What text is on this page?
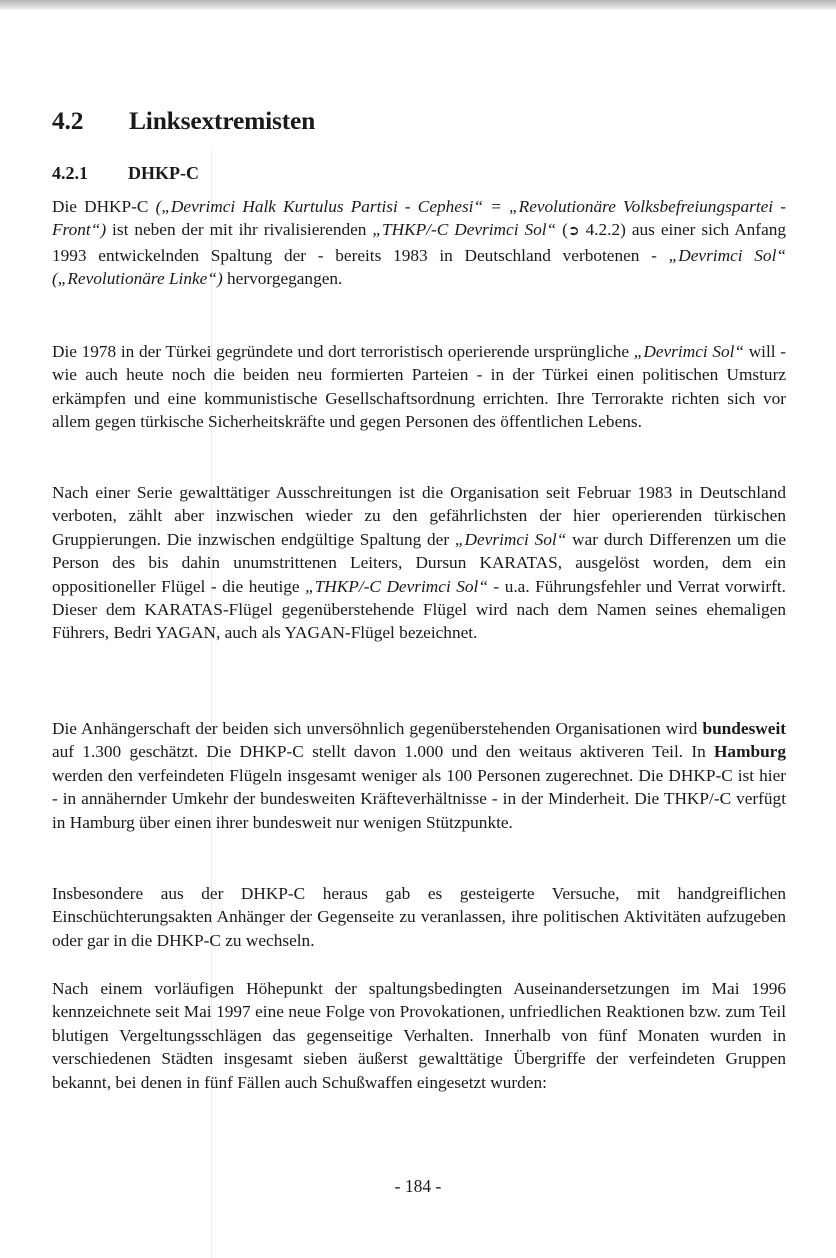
4.2 Linksextremisten
4.2.1 DHKP-C

Die DHKP-C („Devrimci Halk Kurtulus Partisi - Cephesi“ = „Revolutionäre Volksbefreiungspartei - Front“) ist neben der mit ihr rivalisierenden „THKP/-C Devrimci Sol“ (➲ 4.2.2) aus einer sich Anfang 1993 entwickelnden Spaltung der - bereits 1983 in Deutschland verbotenen - „Devrimci Sol“ („Revolutionäre Linke“) hervorgegangen.

Die 1978 in der Türkei gegründete und dort terroristisch operierende ursprüngliche „Devrimci Sol“ will - wie auch heute noch die beiden neu formierten Parteien - in der Türkei einen politischen Umsturz erkämpfen und eine kommunistische Gesellschaftsordnung errichten. Ihre Terrorakte richten sich vor allem gegen türkische Sicherheitskräfte und gegen Personen des öffentlichen Lebens.

Nach einer Serie gewalttätiger Ausschreitungen ist die Organisation seit Februar 1983 in Deutschland verboten, zählt aber inzwischen wieder zu den gefährlichsten der hier operierenden türkischen Gruppierungen. Die inzwischen endgültige Spaltung der „Devrimci Sol“ war durch Differenzen um die Person des bis dahin unumstrittenen Leiters, Dursun KARATAS, ausgelöst worden, dem ein oppositioneller Flügel - die heutige „THKP/-C Devrimci Sol“ - u.a. Führungsfehler und Verrat vorwirft. Dieser dem KARATAS-Flügel gegenüberstehende Flügel wird nach dem Namen seines ehemaligen Führers, Bedri YAGAN, auch als YAGAN-Flügel bezeichnet.

Die Anhängerschaft der beiden sich unversöhnlich gegenüberstehenden Organisationen wird bundesweit auf 1.300 geschätzt. Die DHKP-C stellt davon 1.000 und den weitaus aktiveren Teil. In Hamburg werden den verfeindeten Flügeln insgesamt weniger als 100 Personen zugerechnet. Die DHKP-C ist hier - in annähernder Umkehr der bundesweiten Kräfteverhältnisse - in der Minderheit. Die THKP/-C verfügt in Hamburg über einen ihrer bundesweit nur wenigen Stützpunkte.

Insbesondere aus der DHKP-C heraus gab es gesteigerte Versuche, mit handgreiflichen Einschüchterungsakten Anhänger der Gegenseite zu veranlassen, ihre politischen Aktivitäten aufzugeben oder gar in die DHKP-C zu wechseln.

Nach einem vorläufigen Höhepunkt der spaltungsbedingten Auseinandersetzungen im Mai 1996 kennzeichnete seit Mai 1997 eine neue Folge von Provokationen, unfriedlichen Reaktionen bzw. zum Teil blutigen Vergeltungsschlägen das gegenseitige Verhalten. Innerhalb von fünf Monaten wurden in verschiedenen Städten insgesamt sieben äußerst gewalttätige Übergriffe der verfeindeten Gruppen bekannt, bei denen in fünf Fällen auch Schußwaffen eingesetzt wurden:

- 184 -
